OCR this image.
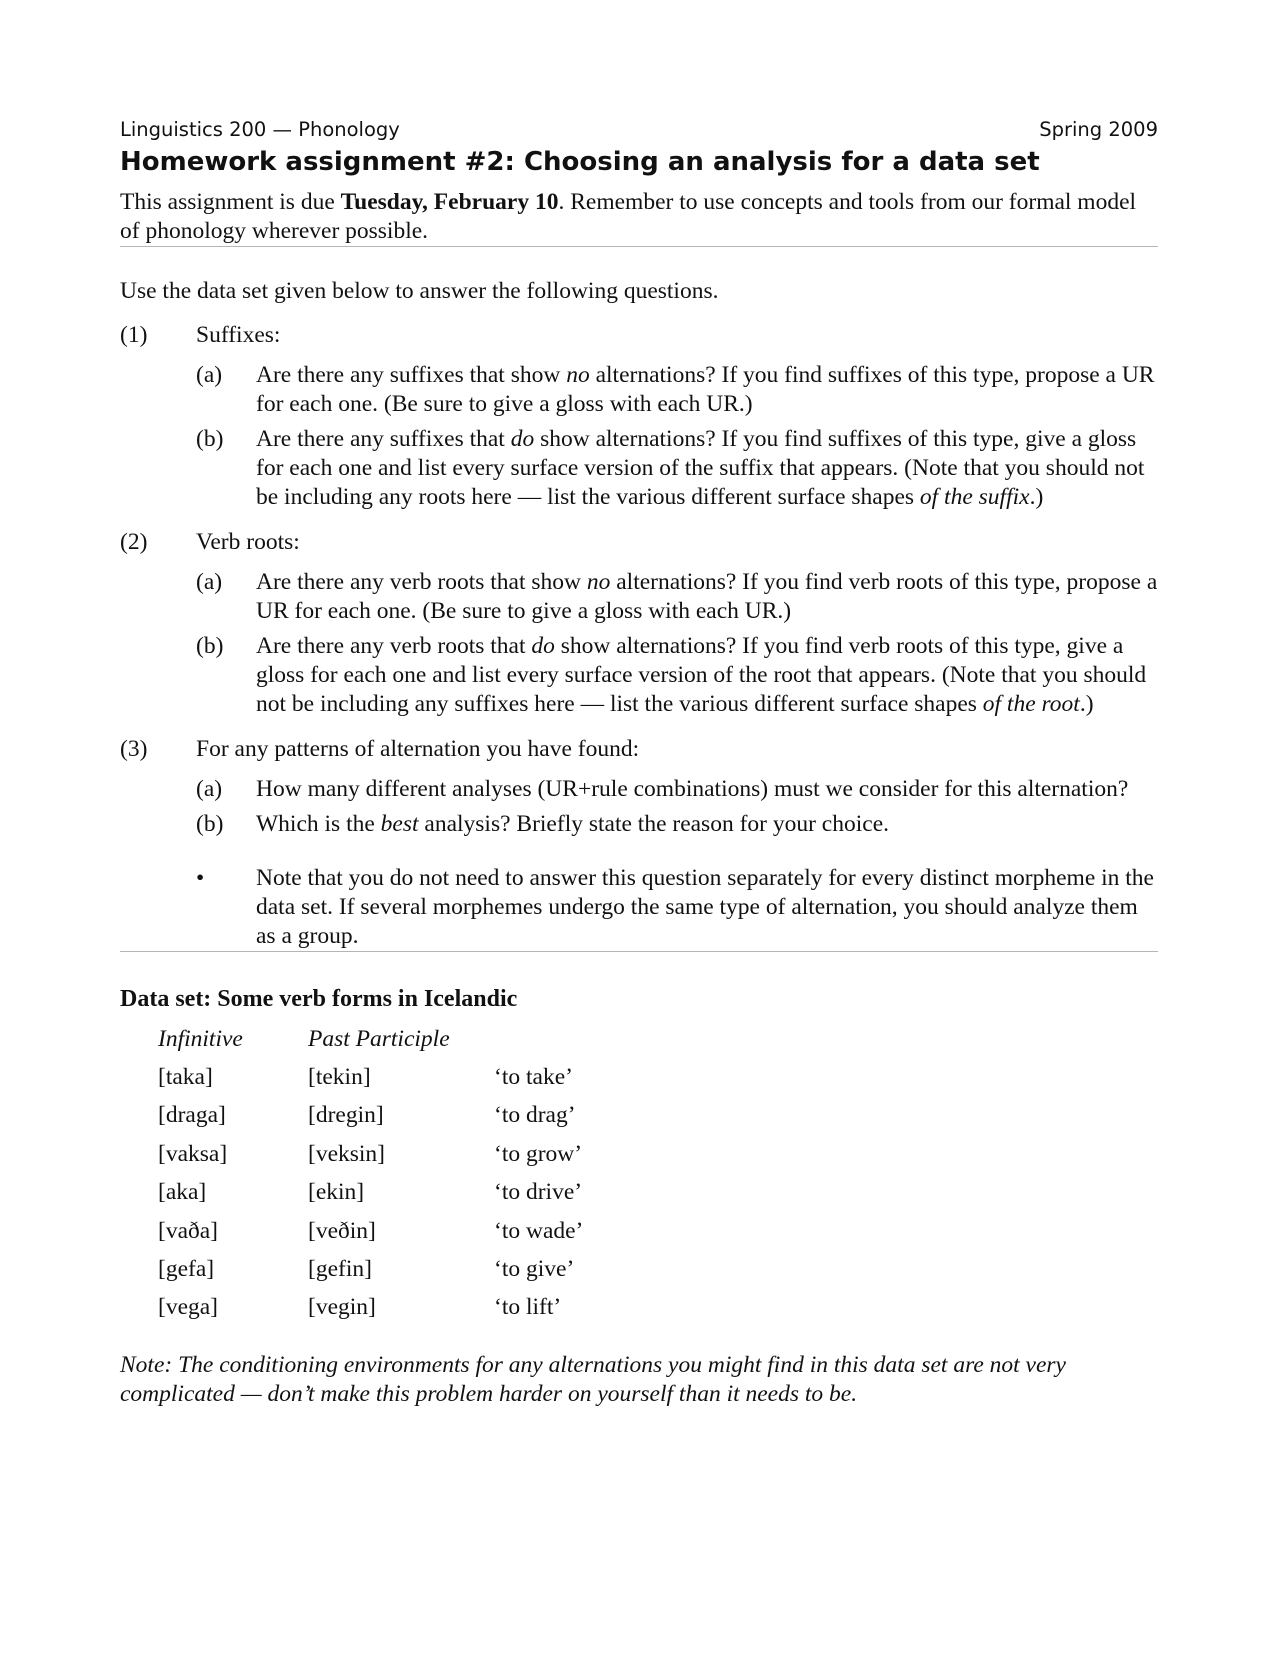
Linguistics 200 — Phonology	Spring 2009
Homework assignment #2: Choosing an analysis for a data set
This assignment is due Tuesday, February 10. Remember to use concepts and tools from our formal model of phonology wherever possible.
Use the data set given below to answer the following questions.
(1)	Suffixes:
(a)	Are there any suffixes that show no alternations? If you find suffixes of this type, propose a UR for each one. (Be sure to give a gloss with each UR.)
(b)	Are there any suffixes that do show alternations? If you find suffixes of this type, give a gloss for each one and list every surface version of the suffix that appears. (Note that you should not be including any roots here — list the various different surface shapes of the suffix.)
(2)	Verb roots:
(a)	Are there any verb roots that show no alternations? If you find verb roots of this type, propose a UR for each one. (Be sure to give a gloss with each UR.)
(b)	Are there any verb roots that do show alternations? If you find verb roots of this type, give a gloss for each one and list every surface version of the root that appears. (Note that you should not be including any suffixes here — list the various different surface shapes of the root.)
(3)	For any patterns of alternation you have found:
(a)	How many different analyses (UR+rule combinations) must we consider for this alternation?
(b)	Which is the best analysis? Briefly state the reason for your choice.
•	Note that you do not need to answer this question separately for every distinct morpheme in the data set. If several morphemes undergo the same type of alternation, you should analyze them as a group.
Data set: Some verb forms in Icelandic
Infinitive	Past Participle	
[taka]	[tekin]	‘to take’
[draga]	[dregin]	‘to drag’
[vaksa]	[veksin]	‘to grow’
[aka]	[ekin]	‘to drive’
[vaða]	[veðin]	‘to wade’
[gefa]	[gefin]	‘to give’
[vega]	[vegin]	‘to lift’
Note: The conditioning environments for any alternations you might find in this data set are not very complicated — don’t make this problem harder on yourself than it needs to be.
